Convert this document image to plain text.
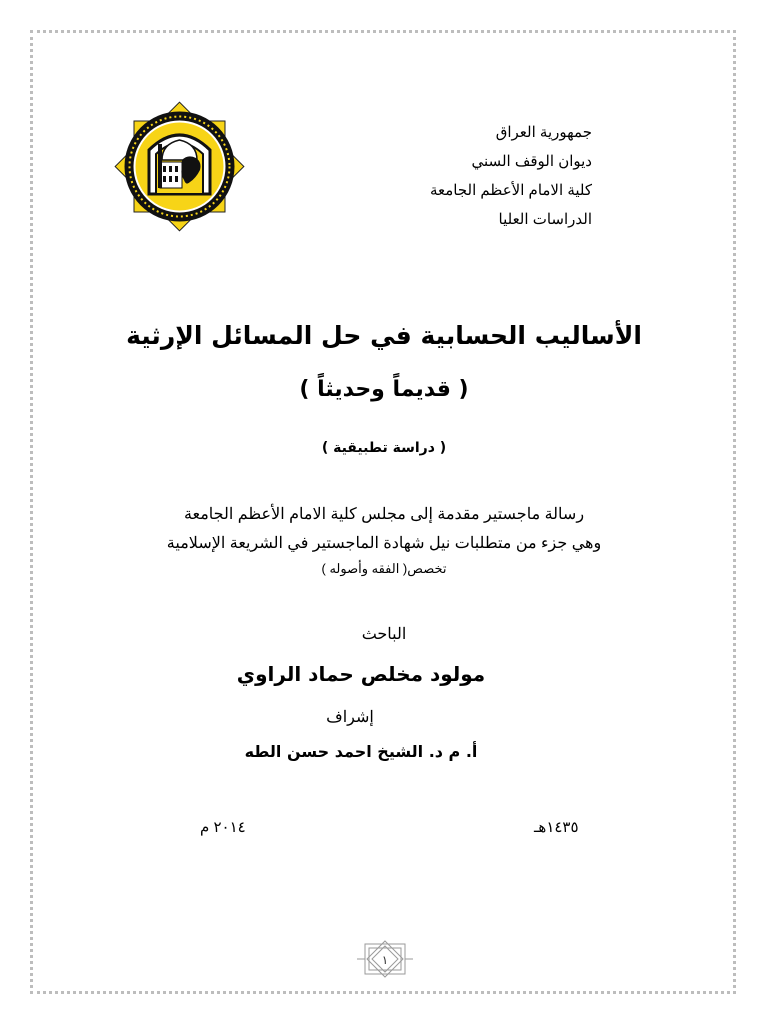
جمهورية العراق
ديوان الوقف السني
كلية الامام الأعظم الجامعة
الدراسات العليا
الأساليب الحسابية في حل المسائل الإرثية
( قديماً وحديثاً )
( دراسة تطبيقية )
رسالة ماجستير مقدمة إلى مجلس كلية الامام الأعظم الجامعة
وهي جزء من متطلبات نيل شهادة الماجستير في الشريعة الإسلامية
تخصص( الفقه وأصوله )
الباحث
مولود مخلص حماد الراوي
إشراف
أ. م د. الشيخ احمد حسن الطه
١٤٣٥هـ
٢٠١٤ م
١
